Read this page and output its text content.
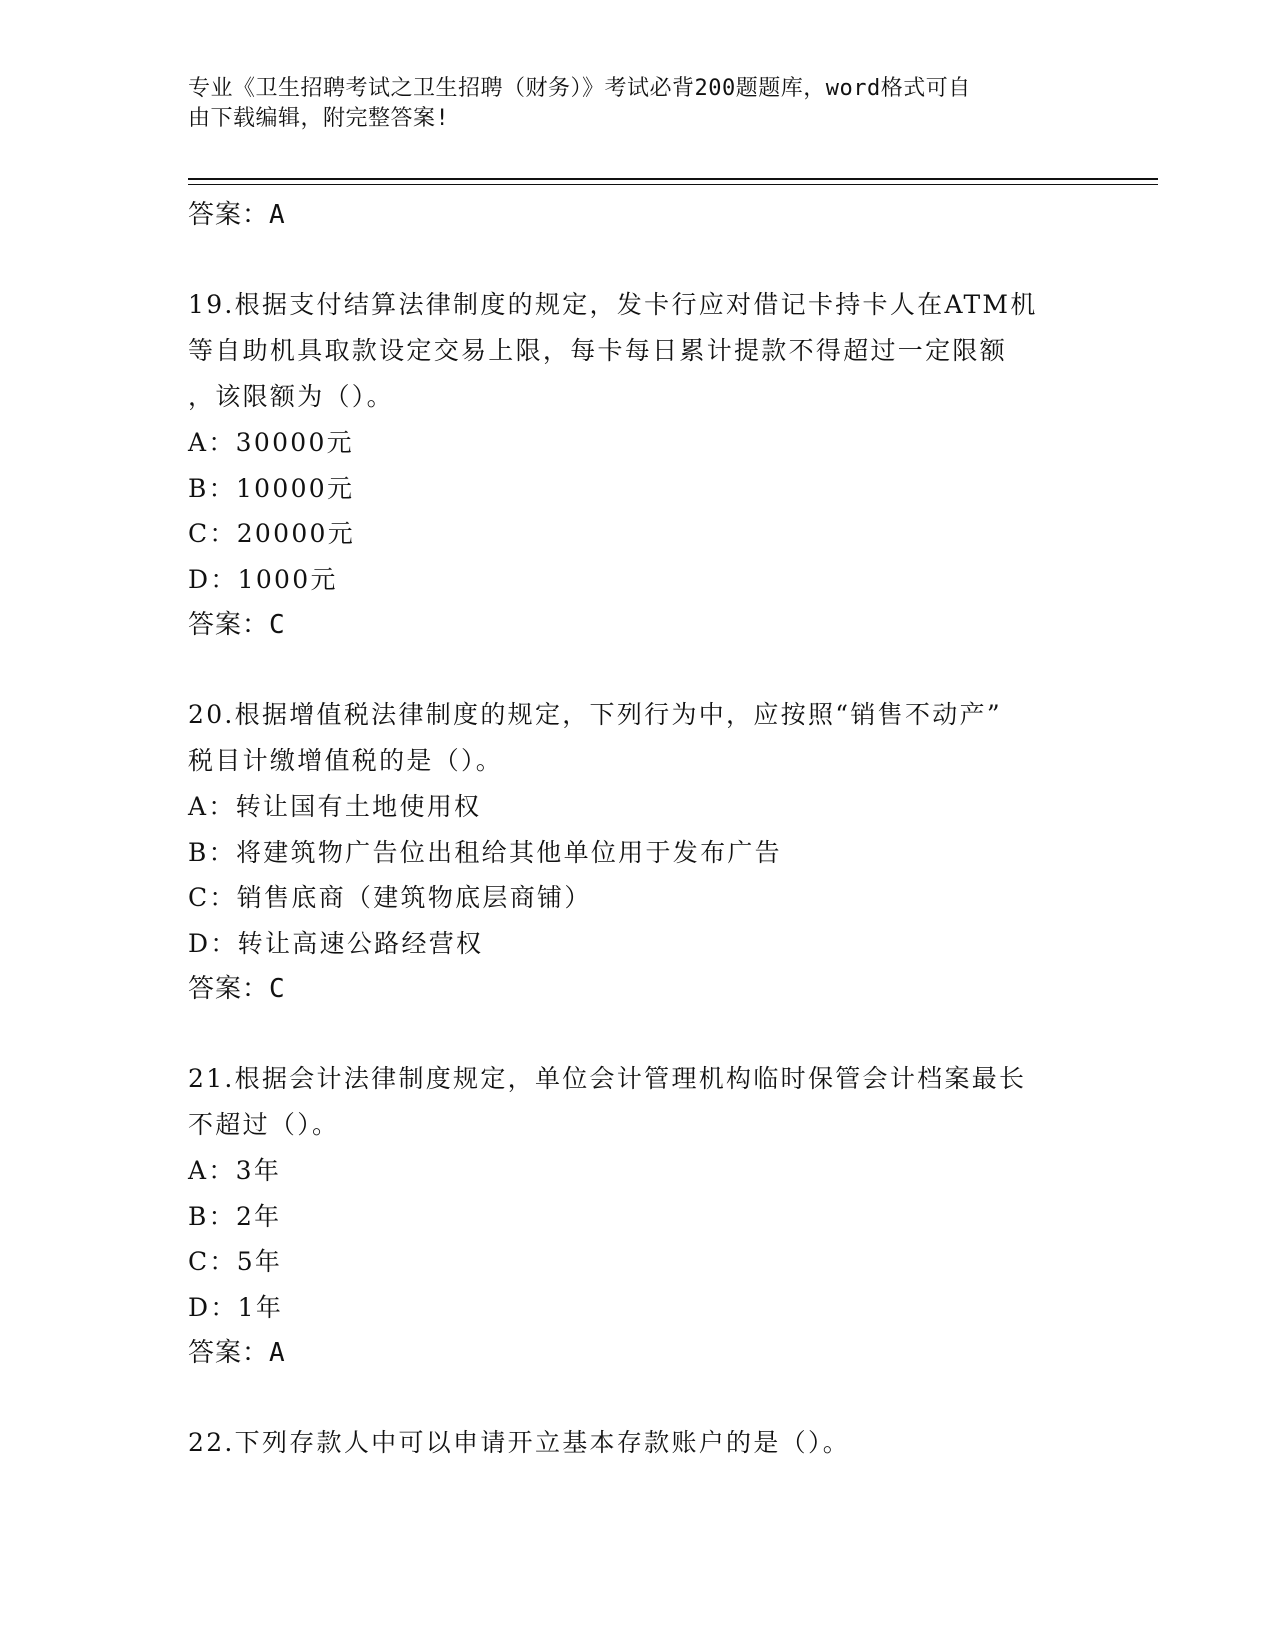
专业《卫生招聘考试之卫生招聘（财务）》考试必背200题题库，word格式可自
由下载编辑，附完整答案!
答案：A
19.根据支付结算法律制度的规定，发卡行应对借记卡持卡人在ATM机
等自助机具取款设定交易上限，每卡每日累计提款不得超过一定限额
，该限额为（）。
A：30000元
B：10000元
C：20000元
D：1000元
答案：C
20.根据增值税法律制度的规定，下列行为中，应按照“销售不动产”
税目计缴增值税的是（）。
A：转让国有土地使用权
B：将建筑物广告位出租给其他单位用于发布广告
C：销售底商（建筑物底层商铺）
D：转让高速公路经营权
答案：C
21.根据会计法律制度规定，单位会计管理机构临时保管会计档案最长
不超过（）。
A：3年
B：2年
C：5年
D：1年
答案：A
22.下列存款人中可以申请开立基本存款账户的是（）。
